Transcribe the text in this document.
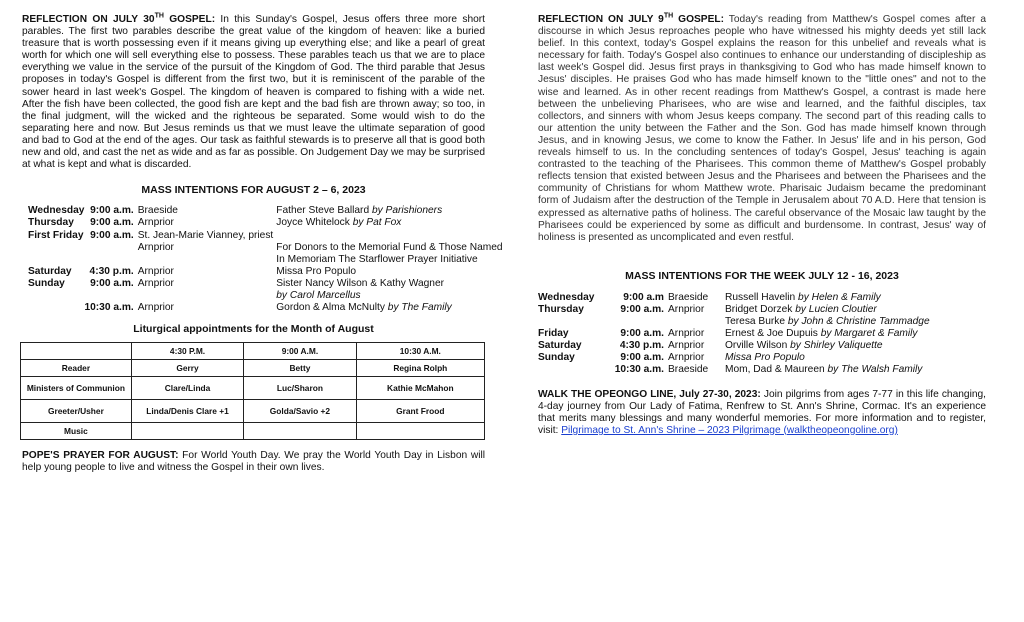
REFLECTION ON JULY 30TH GOSPEL: In this Sunday's Gospel, Jesus offers three more short parables. The first two parables describe the great value of the kingdom of heaven: like a buried treasure that is worth possessing even if it means giving up everything else; and like a pearl of great worth for which one will sell everything else to possess. These parables teach us that we are to place everything we value in the service of the pursuit of the Kingdom of God. The third parable that Jesus proposes in today's Gospel is different from the first two, but it is reminiscent of the parable of the sower heard in last week's Gospel. The kingdom of heaven is compared to fishing with a wide net. After the fish have been collected, the good fish are kept and the bad fish are thrown away; so too, in the final judgment, will the wicked and the righteous be separated. Some would wish to do the separating here and now. But Jesus reminds us that we must leave the ultimate separation of good and bad to God at the end of the ages. Our task as faithful stewards is to preserve all that is good both new and old, and cast the net as wide and as far as possible. On Judgement Day we may be surprised at what is kept and what is discarded.

MASS INTENTIONS FOR AUGUST 2 – 6, 2023

Wednesday	9:00 a.m.	Braeside	Father Steve Ballard by Parishioners
Thursday	9:00 a.m.	Arnprior	Joyce Whitelock by Pat Fox
First Friday	9:00 a.m.	St. Jean-Marie Vianney, priest	
		Arnprior	For Donors to the Memorial Fund & Those Named
			In Memoriam The Starflower Prayer Initiative
Saturday	4:30 p.m.	Arnprior	Missa Pro Populo
Sunday	9:00 a.m.	Arnprior	Sister Nancy Wilson & Kathy Wagner
			by Carol Marcellus
	10:30 a.m.	Arnprior	Gordon & Alma McNulty by The Family

Liturgical appointments for the Month of August

	4:30 P.M.	9:00 A.M.	10:30 A.M.
Reader	Gerry	Betty	Regina Rolph
Ministers of Communion	Clare/Linda	Luc/Sharon	Kathie McMahon
Greeter/Usher	Linda/Denis Clare +1	Golda/Savio +2	Grant Frood
Music			

POPE'S PRAYER FOR AUGUST: For World Youth Day. We pray the World Youth Day in Lisbon will help young people to live and witness the Gospel in their own lives.

REFLECTION ON JULY 9TH GOSPEL: Today's reading from Matthew's Gospel comes after a discourse in which Jesus reproaches people who have witnessed his mighty deeds yet still lack belief. In this context, today's Gospel explains the reason for this unbelief and reveals what is necessary for faith. Today's Gospel also continues to enhance our understanding of discipleship as last week's Gospel did. Jesus first prays in thanksgiving to God who has made himself known to Jesus' disciples. He praises God who has made himself known to the "little ones" and not to the wise and learned. As in other recent readings from Matthew's Gospel, a contrast is made here between the unbelieving Pharisees, who are wise and learned, and the faithful disciples, tax collectors, and sinners with whom Jesus keeps company. The second part of this reading calls to our attention the unity between the Father and the Son. God has made himself known through Jesus, and in knowing Jesus, we come to know the Father. In Jesus' life and in his person, God reveals himself to us. In the concluding sentences of today's Gospel, Jesus' teaching is again contrasted to the teaching of the Pharisees. This common theme of Matthew's Gospel probably reflects tension that existed between Jesus and the Pharisees and between the Pharisees and the community of Christians for whom Matthew wrote. Pharisaic Judaism became the predominant form of Judaism after the destruction of the Temple in Jerusalem about 70 A.D. Here that tension is expressed as alternative paths of holiness. The careful observance of the Mosaic law taught by the Pharisees could be experienced by some as difficult and burdensome. In contrast, Jesus' way of holiness is presented as uncomplicated and even restful.

MASS INTENTIONS FOR THE WEEK JULY 12 - 16, 2023

Wednesday	9:00 a.m	Braeside	Russell Havelin by Helen & Family
Thursday	9:00 a.m.	Arnprior	Bridget Dorzek by Lucien Cloutier
			Teresa Burke by John & Christine Tammadge
Friday	9:00 a.m.	Arnprior	Ernest & Joe Dupuis by Margaret & Family
Saturday	4:30 p.m.	Arnprior	Orville Wilson by Shirley Valiquette
Sunday	9:00 a.m.	Arnprior	Missa Pro Populo
	10:30 a.m.	Braeside	Mom, Dad & Maureen by The Walsh Family

WALK THE OPEONGO LINE, July 27-30, 2023: Join pilgrims from ages 7-77 in this life changing, 4-day journey from Our Lady of Fatima, Renfrew to St. Ann's Shrine, Cormac. It's an experience that merits many blessings and many wonderful memories. For more information and to register, visit: Pilgrimage to St. Ann's Shrine – 2023 Pilgrimage (walktheopeongoline.org)
